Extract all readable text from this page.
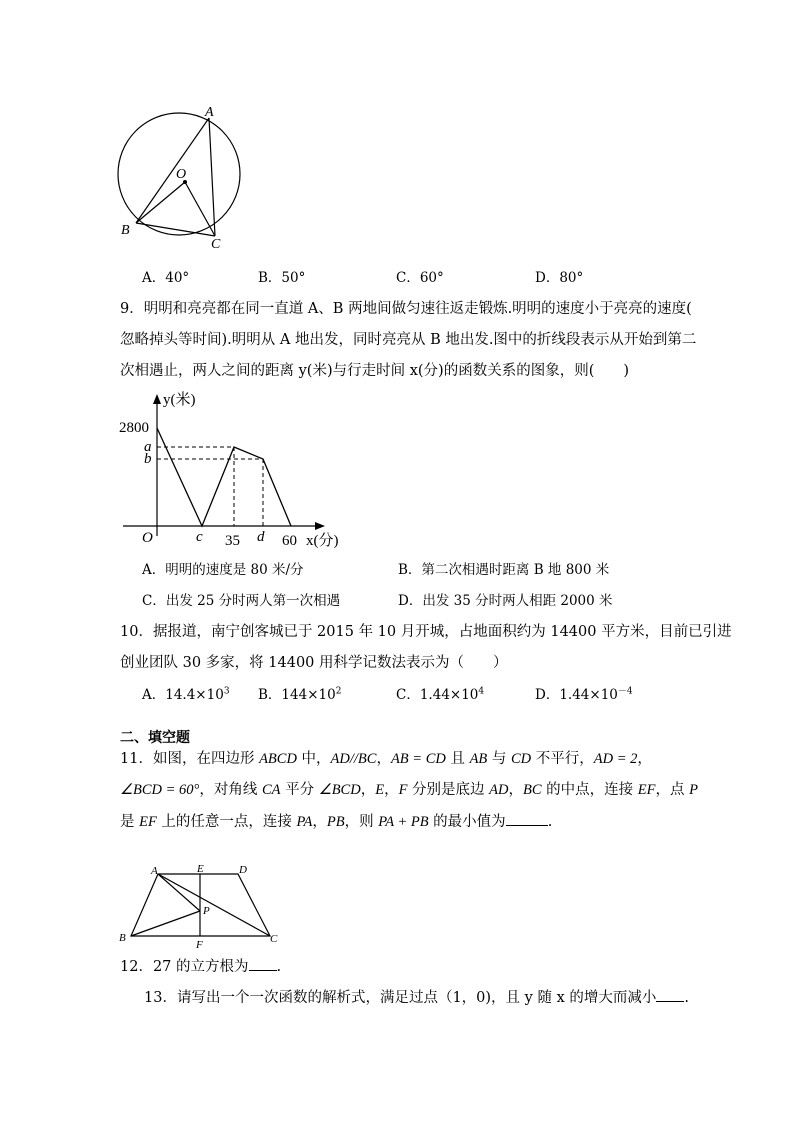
A
O
B
C
A．40°	B．50°	C．60°	D．80°
9．明明和亮亮都在同一直道 A、B 两地间做匀速往返走锻炼.明明的速度小于亮亮的速度(
忽略掉头等时间).明明从 A 地出发，同时亮亮从 B 地出发.图中的折线段表示从开始到第二
次相遇止，两人之间的距离 y(米)与行走时间 x(分)的函数关系的图象，则(　　)
y(米)
2800
a
b
O	c 35 d 60 x(分)
A．明明的速度是 80 米/分	B．第二次相遇时距离 B 地 800 米
C．出发 25 分时两人第一次相遇	D．出发 35 分时两人相距 2000 米
10．据报道，南宁创客城已于 2015 年 10 月开城，占地面积约为 14400 平方米，目前已引进
创业团队 30 多家，将 14400 用科学记数法表示为（　　）
A．$14.4\times 10^3$ B．$144\times 10^2$	C．$1.44\times 10^4$	D．$1.44\times 10^{-4}$
二、填空题
11．如图，在四边形 ABCD 中，AD//BC，AB = CD 且 AB 与 CD 不平行，AD = 2，
∠BCD = 60°，对角线 CA 平分 ∠BCD，E，F 分别是底边 AD，BC 的中点，连接 EF，点 P
是 EF 上的任意一点，连接 PA，PB，则 PA + PB 的最小值为	.
A	E	D
P
B
F	C
12．27 的立方根为 .
13．请写出一个一次函数的解析式，满足过点（1，0)，且 y 随 x 的增大而减小 .
